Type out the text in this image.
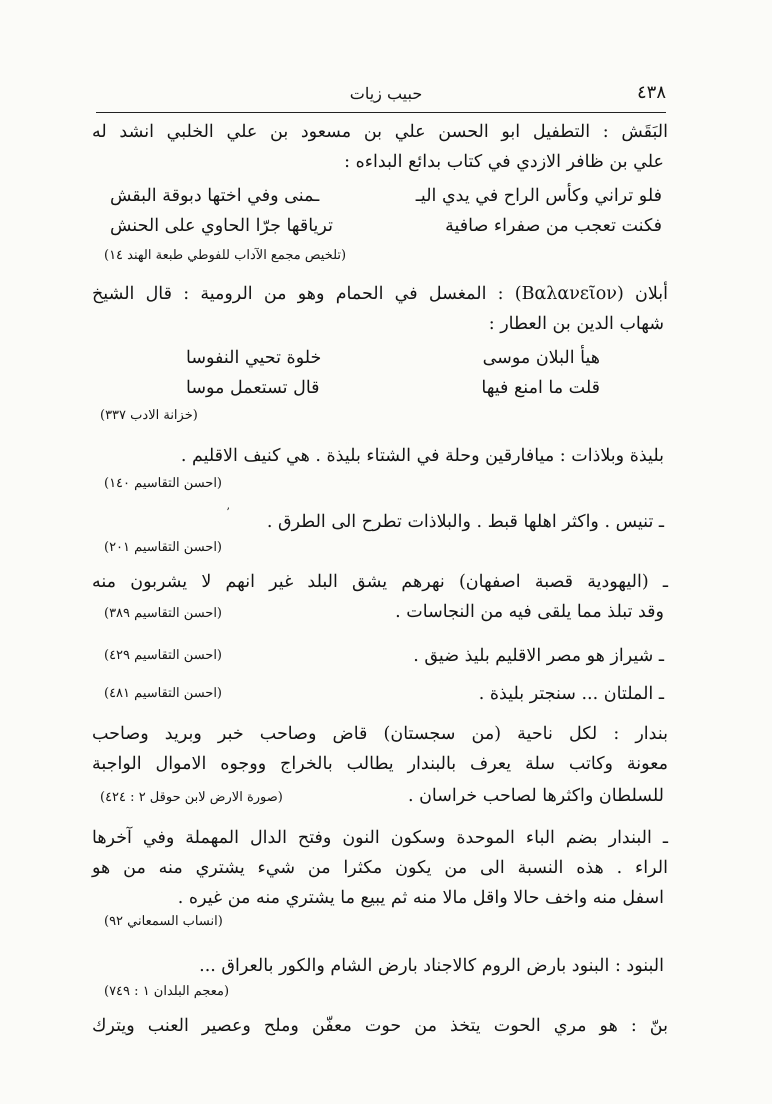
٤٣٨
حبيب زيات
البَقَش : التطفيل ابو الحسن علي بن مسعود بن علي الخلبي انشد له
علي بن ظافر الازدي في كتاب بدائع البداءه :
فلو تراني وكأس الراح في يدي اليـ
ـمنى وفي اختها دبوقة البقش
فكنت تعجب من صفراء صافية
ترياقها جرّا الحاوي على الحنش
(تلخيص مجمع الآداب للفوطي طبعة الهند ١٤)
أبلان (Βαλανεῖον) : المغسل في الحمام وهو من الرومية : قال الشيخ
شهاب الدين بن العطار :
هيأ البلان موسى
خلوة تحيي النفوسا
قلت ما امنع فيها
قال تستعمل موسا
(خزانة الادب ٣٣٧)
بليذة وبلاذات : ميافارقين وحلة في الشتاء بليذة . هي كنيف الاقليم .
(احسن التقاسيم ١٤٠)
ʼ ـ تنيس . واكثر اهلها قبط . والبلاذات تطرح الى الطرق .
(احسن التقاسيم ٢٠١)
ـ (اليهودية قصبة اصفهان) نهرهم يشق البلد غير انهم لا يشربون منه
وقد تبلذ مما يلقى فيه من النجاسات .
(احسن التقاسيم ٣٨٩)
ـ شيراز هو مصر الاقليم بليذ ضيق .
(احسن التقاسيم ٤٢٩)
ـ الملتان ... سنجتر بليذة .
(احسن التقاسيم ٤٨١)
بندار : لكل ناحية (من سجستان) قاض وصاحب خبر وبريد وصاحب
معونة وكاتب سلة يعرف بالبندار يطالب بالخراج ووجوه الاموال الواجبة
للسلطان واكثرها لصاحب خراسان .
(صورة الارض لابن حوقل ٢ : ٤٢٤)
ـ البندار بضم الباء الموحدة وسكون النون وفتح الدال المهملة وفي آخرها
الراء . هذه النسبة الى من يكون مكثرا من شيء يشتري منه من هو
اسفل منه واخف حالا واقل مالا منه ثم يبيع ما يشتري منه من غيره .
(انساب السمعاني ٩٢)
البنود : البنود بارض الروم كالاجناد بارض الشام والكور بالعراق ...
(معجم البلدان ١ : ٧٤٩)
بنّ : هو مري الحوت يتخذ من حوت معفّن وملح وعصير العنب ويترك
